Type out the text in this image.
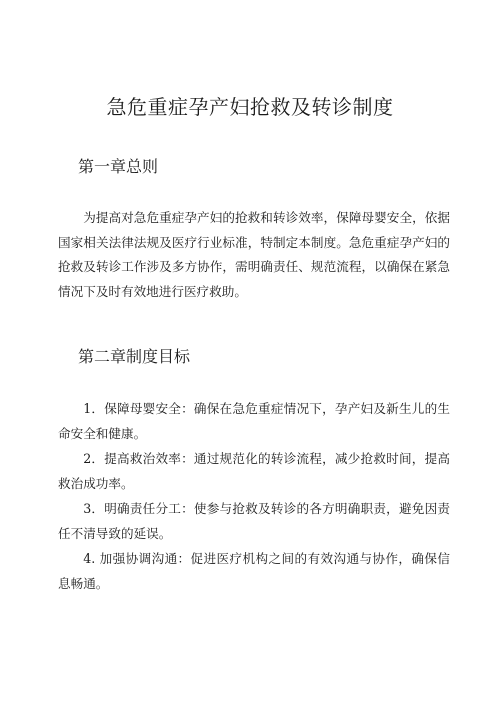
急危重症孕产妇抢救及转诊制度
第一章总则

为提高对急危重症孕产妇的抢救和转诊效率，保障母婴安全，依据国家相关法律法规及医疗行业标准，特制定本制度。急危重症孕产妇的抢救及转诊工作涉及多方协作，需明确责任、规范流程，以确保在紧急情况下及时有效地进行医疗救助。

第二章制度目标

1．保障母婴安全：确保在急危重症情况下，孕产妇及新生儿的生命安全和健康。

2．提高救治效率：通过规范化的转诊流程，减少抢救时间，提高救治成功率。

3．明确责任分工：使参与抢救及转诊的各方明确职责，避免因责任不清导致的延误。

4. 加强协调沟通：促进医疗机构之间的有效沟通与协作，确保信息畅通。
